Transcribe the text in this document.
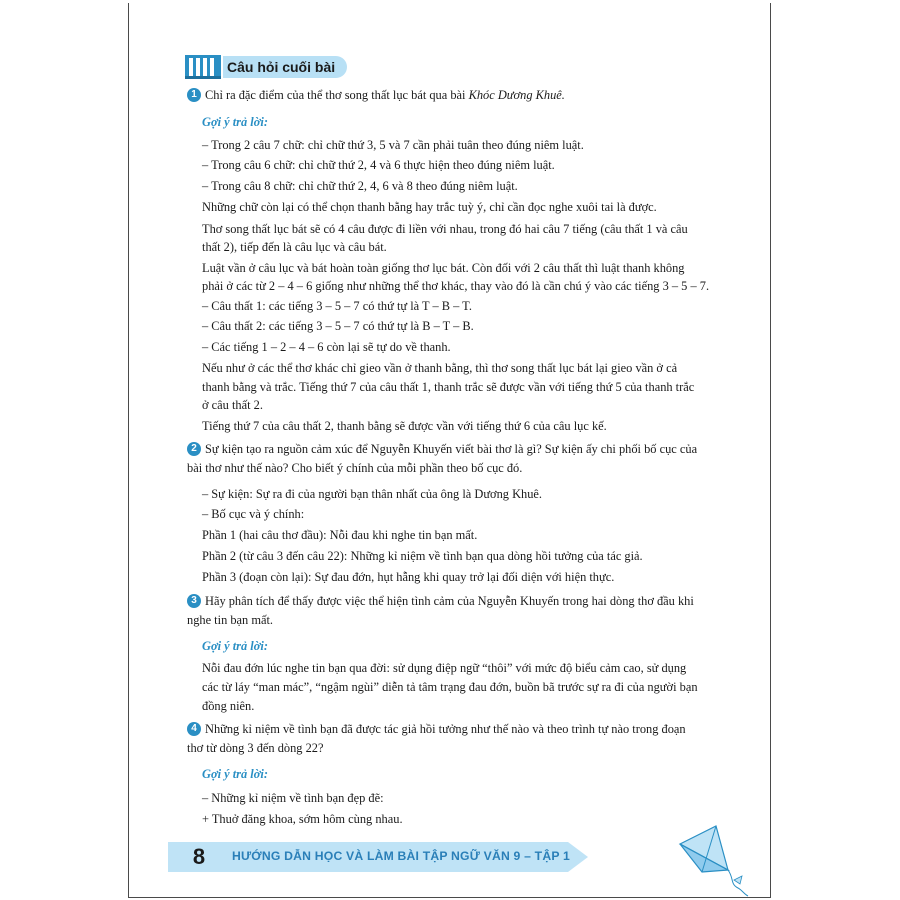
Câu hỏi cuối bài
1 Chỉ ra đặc điểm của thể thơ song thất lục bát qua bài Khóc Dương Khuê.
Gợi ý trả lời:
– Trong 2 câu 7 chữ: chỉ chữ thứ 3, 5 và 7 cần phải tuân theo đúng niêm luật.
– Trong câu 6 chữ: chỉ chữ thứ 2, 4 và 6 thực hiện theo đúng niêm luật.
– Trong câu 8 chữ: chỉ chữ thứ 2, 4, 6 và 8 theo đúng niêm luật.
Những chữ còn lại có thể chọn thanh bằng hay trắc tuỳ ý, chỉ cần đọc nghe xuôi tai là được.
Thơ song thất lục bát sẽ có 4 câu được đi liền với nhau, trong đó hai câu 7 tiếng (câu thất 1 và câu
thất 2), tiếp đến là câu lục và câu bát.
Luật vần ở câu lục và bát hoàn toàn giống thơ lục bát. Còn đối với 2 câu thất thì luật thanh không
phải ở các từ 2 – 4 – 6 giống như những thể thơ khác, thay vào đó là cần chú ý vào các tiếng 3 – 5 – 7.
– Câu thất 1: các tiếng 3 – 5 – 7 có thứ tự là T – B – T.
– Câu thất 2: các tiếng 3 – 5 – 7 có thứ tự là B – T – B.
– Các tiếng 1 – 2 – 4 – 6 còn lại sẽ tự do về thanh.
Nếu như ở các thể thơ khác chỉ gieo vần ở thanh bằng, thì thơ song thất lục bát lại gieo vần ở cả
thanh bằng và trắc. Tiếng thứ 7 của câu thất 1, thanh trắc sẽ được vần với tiếng thứ 5 của thanh trắc
ở câu thất 2.
Tiếng thứ 7 của câu thất 2, thanh bằng sẽ được vần với tiếng thứ 6 của câu lục kế.
2 Sự kiện tạo ra nguồn cảm xúc để Nguyễn Khuyến viết bài thơ là gì? Sự kiện ấy chi phối bố cục của
bài thơ như thế nào? Cho biết ý chính của mỗi phần theo bố cục đó.
– Sự kiện: Sự ra đi của người bạn thân nhất của ông là Dương Khuê.
– Bố cục và ý chính:
Phần 1 (hai câu thơ đầu): Nỗi đau khi nghe tin bạn mất.
Phần 2 (từ câu 3 đến câu 22): Những kỉ niệm về tình bạn qua dòng hồi tưởng của tác giả.
Phần 3 (đoạn còn lại): Sự đau đớn, hụt hẫng khi quay trở lại đối diện với hiện thực.
3 Hãy phân tích để thấy được việc thể hiện tình cảm của Nguyễn Khuyến trong hai dòng thơ đầu khi
nghe tin bạn mất.
Gợi ý trả lời:
Nỗi đau đớn lúc nghe tin bạn qua đời: sử dụng điệp ngữ “thôi” với mức độ biểu cảm cao, sử dụng
các từ láy “man mác”, “ngậm ngùi” diễn tả tâm trạng đau đớn, buồn bã trước sự ra đi của người bạn
đồng niên.
4 Những kỉ niệm về tình bạn đã được tác giả hồi tưởng như thế nào và theo trình tự nào trong đoạn
thơ từ dòng 3 đến dòng 22?
Gợi ý trả lời:
– Những kỉ niệm về tình bạn đẹp đẽ:
+ Thuở đăng khoa, sớm hôm cùng nhau.
8	HƯỚNG DẪN HỌC VÀ LÀM BÀI TẬP NGỮ VĂN 9 – TẬP 1
